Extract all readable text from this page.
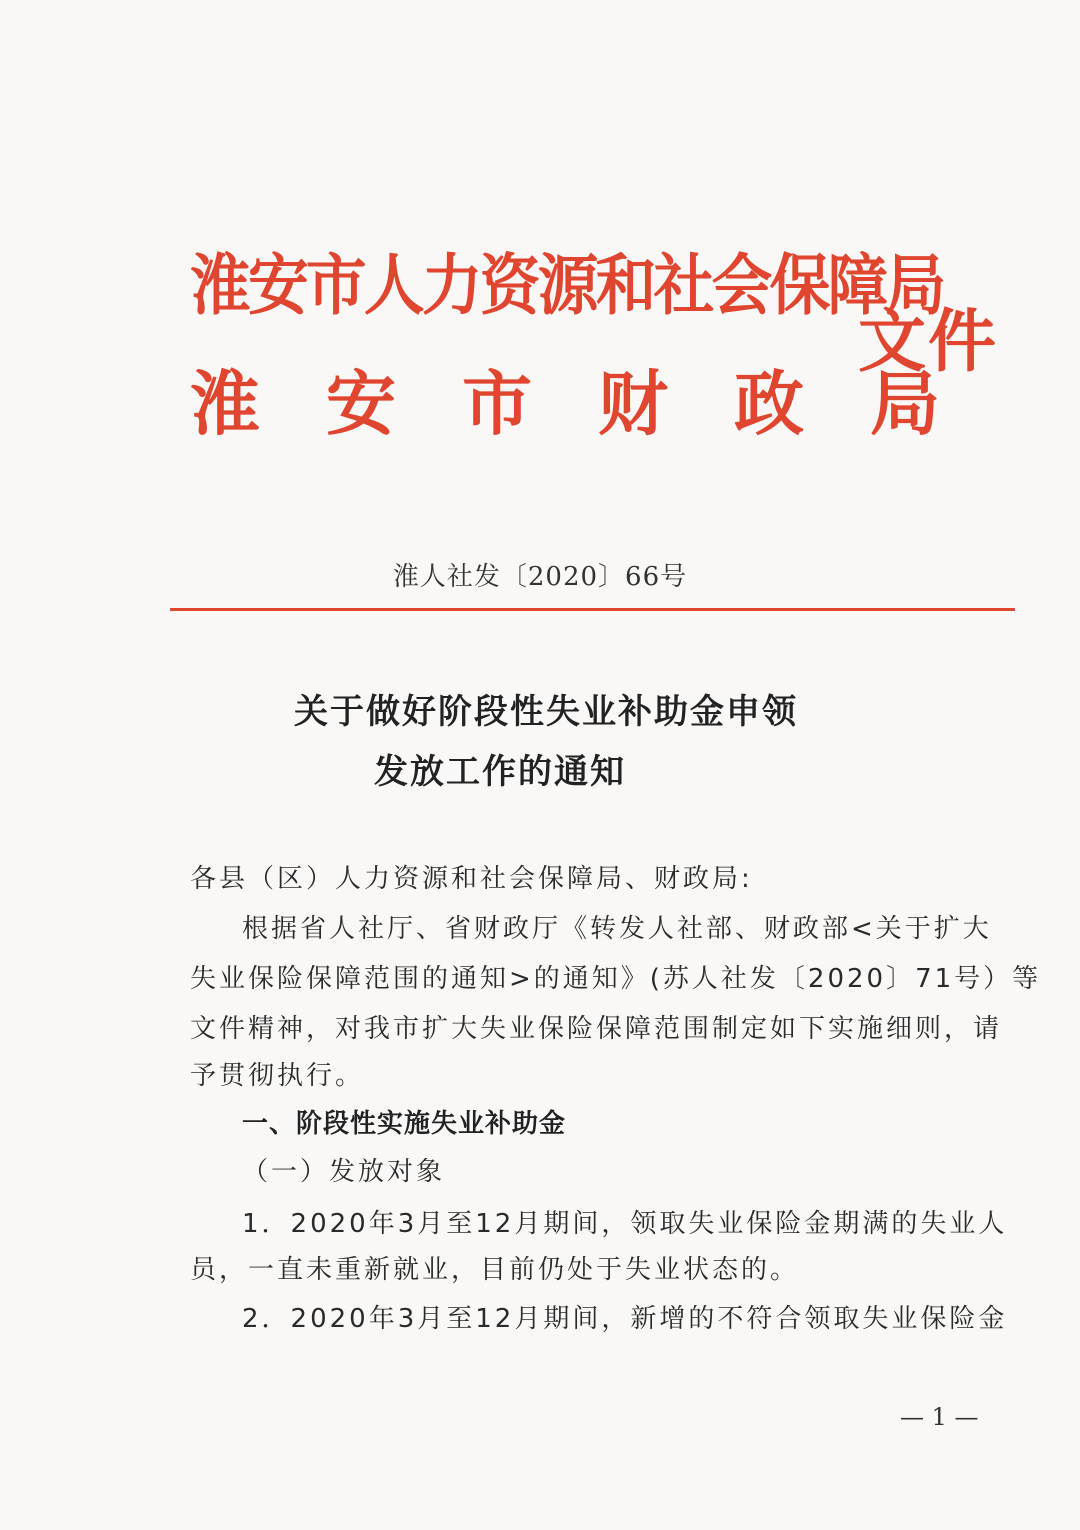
淮安市人力资源和社会保障局
淮安市财政局
文件
淮人社发〔2020〕66号
关于做好阶段性失业补助金申领
发放工作的通知
各县（区）人力资源和社会保障局、财政局:
根据省人社厅、省财政厅《转发人社部、财政部<关于扩大
失业保险保障范围的通知>的通知》(苏人社发〔2020〕71号）等
文件精神，对我市扩大失业保险保障范围制定如下实施细则，请
予贯彻执行。
一、阶段性实施失业补助金
（一）发放对象
1．2020年3月至12月期间，领取失业保险金期满的失业人
员，一直未重新就业，目前仍处于失业状态的。
2．2020年3月至12月期间，新增的不符合领取失业保险金
— 1 —
